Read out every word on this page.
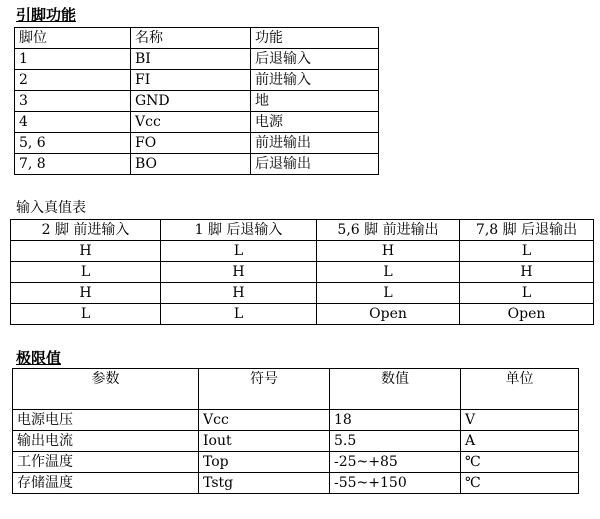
引脚功能
脚位	名称	功能
1	BI	后退输入
2	FI	前进输入
3	GND	地
4	Vcc	电源
5, 6	FO	前进输出
7, 8	BO	后退输出
输入真值表
2 脚 前进输入	1 脚 后退输入	5,6 脚 前进输出	7,8 脚 后退输出
H	L	H	L
L	H	L	H
H	H	L	L
L	L	Open	Open
极限值
参数	符号	数值	单位

电源电压	Vcc	18	V
输出电流	Iout	5.5	A
工作温度	Top	-25~+85	℃
存储温度	Tstg	-55~+150	℃
